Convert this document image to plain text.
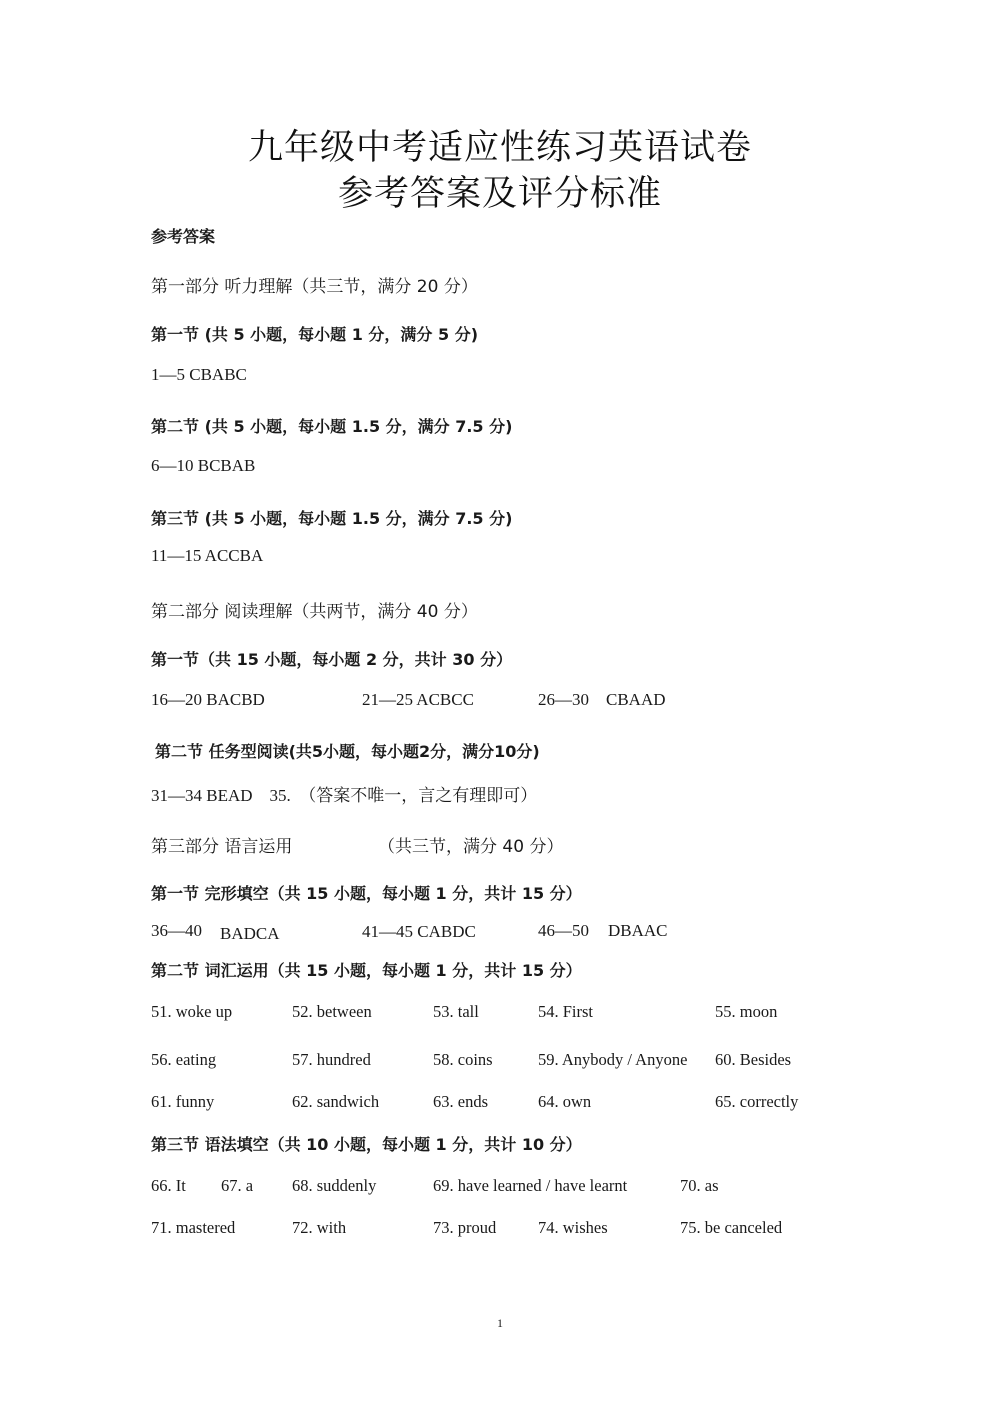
九年级中考适应性练习英语试卷
参考答案及评分标准
参考答案
第一部分 听力理解（共三节，满分 20 分）
第一节 (共 5 小题，每小题 1 分，满分 5 分)
1—5 CBABC
第二节 (共 5 小题，每小题 1.5 分，满分 7.5 分)
6—10 BCBAB
第三节 (共 5 小题，每小题 1.5 分，满分 7.5 分)
11—15 ACCBA
第二部分 阅读理解（共两节，满分 40 分）
第一节（共 15 小题，每小题 2 分，共计 30 分）
16—20 BACBD	21—25 ACBCC	26—30    CBAAD
第二节 任务型阅读(共5小题，每小题2分，满分10分)
31—34 BEAD    35.  （答案不唯一，言之有理即可）
第三部分 语言运用	（共三节，满分 40 分）
第一节 完形填空（共 15 小题，每小题 1 分，共计 15 分）
36—40 BADCA	41—45 CABDC	46—50 DBAAC
第二节 词汇运用（共 15 小题，每小题 1 分，共计 15 分）
51. woke up	52. between	53. tall	54. First	55. moon
56. eating	57. hundred	58. coins	59. Anybody / Anyone 60. Besides
61. funny	62. sandwich	63. ends	64. own	65. correctly
第三节 语法填空（共 10 小题，每小题 1 分，共计 10 分）
66. It 67. a 68. suddenly	69. have learned / have learnt	70. as
71. mastered	72. with	73. proud	74. wishes	75. be canceled
1
